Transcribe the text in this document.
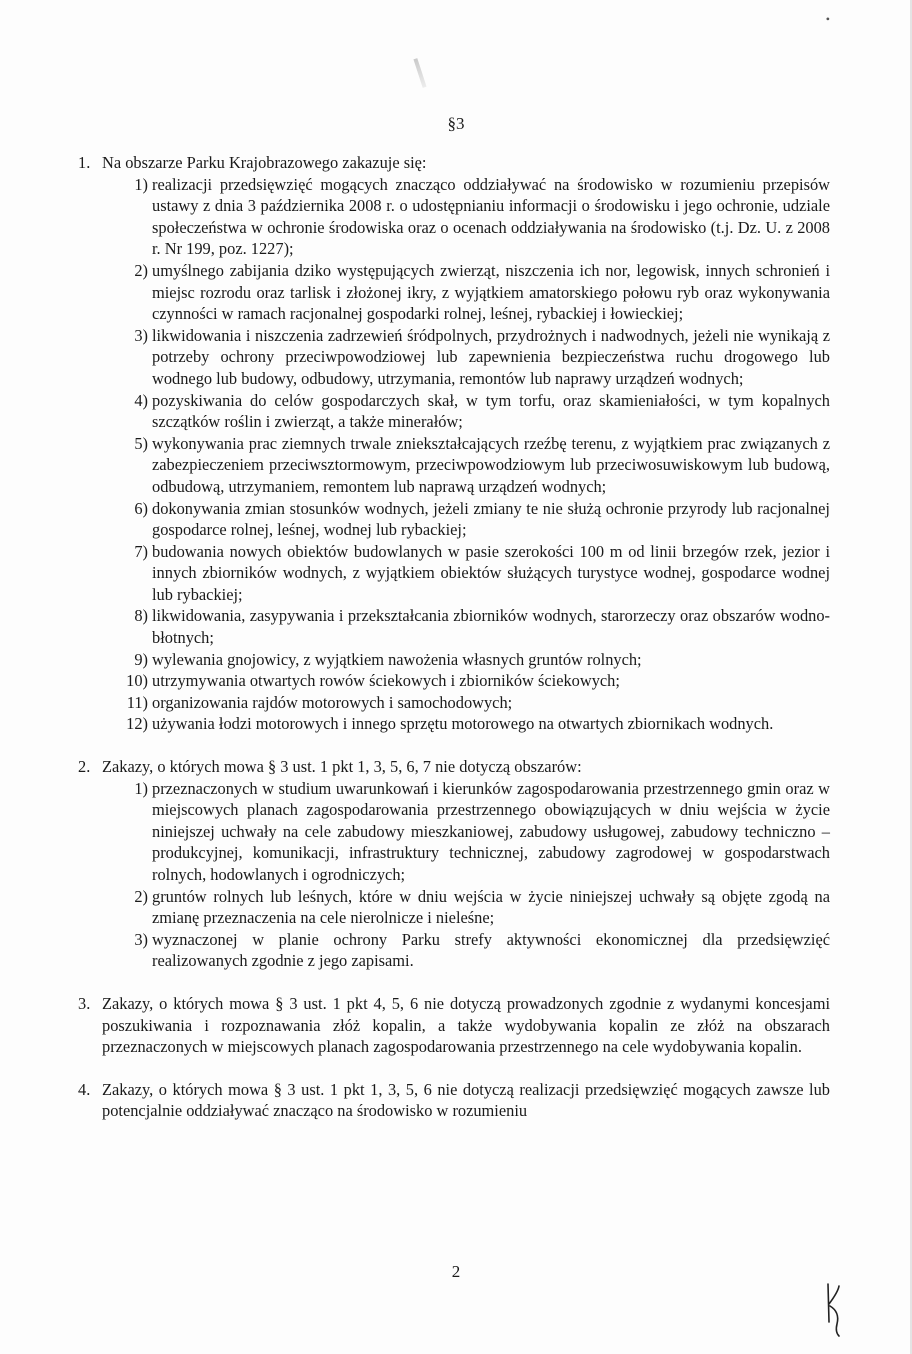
•
§3
1. Na obszarze Parku Krajobrazowego zakazuje się:

1) realizacji przedsięwzięć mogących znacząco oddziaływać na środowisko w rozumieniu przepisów ustawy z dnia 3 października 2008 r. o udostępnianiu informacji o środowisku i jego ochronie, udziale społeczeństwa w ochronie środowiska oraz o ocenach oddziaływania na środowisko (t.j. Dz. U. z 2008 r. Nr 199, poz. 1227);
2) umyślnego zabijania dziko występujących zwierząt, niszczenia ich nor, legowisk, innych schronień i miejsc rozrodu oraz tarlisk i złożonej ikry, z wyjątkiem amatorskiego połowu ryb oraz wykonywania czynności w ramach racjonalnej gospodarki rolnej, leśnej, rybackiej i łowieckiej;
3) likwidowania i niszczenia zadrzewień śródpolnych, przydrożnych i nadwodnych, jeżeli nie wynikają z potrzeby ochrony przeciwpowodziowej lub zapewnienia bezpieczeństwa ruchu drogowego lub wodnego lub budowy, odbudowy, utrzymania, remontów lub naprawy urządzeń wodnych;
4) pozyskiwania do celów gospodarczych skał, w tym torfu, oraz skamieniałości, w tym kopalnych szczątków roślin i zwierząt, a także minerałów;
5) wykonywania prac ziemnych trwale zniekształcających rzeźbę terenu, z wyjątkiem prac związanych z zabezpieczeniem przeciwsztormowym, przeciwpowodziowym lub przeciwosuwiskowym lub budową, odbudową, utrzymaniem, remontem lub naprawą urządzeń wodnych;
6) dokonywania zmian stosunków wodnych, jeżeli zmiany te nie służą ochronie przyrody lub racjonalnej gospodarce rolnej, leśnej, wodnej lub rybackiej;
7) budowania nowych obiektów budowlanych w pasie szerokości 100 m od linii brzegów rzek, jezior i innych zbiorników wodnych, z wyjątkiem obiektów służących turystyce wodnej, gospodarce wodnej lub rybackiej;
8) likwidowania, zasypywania i przekształcania zbiorników wodnych, starorzeczy oraz obszarów wodno-błotnych;
9) wylewania gnojowicy, z wyjątkiem nawożenia własnych gruntów rolnych;
10) utrzymywania otwartych rowów ściekowych i zbiorników ściekowych;
11) organizowania rajdów motorowych i samochodowych;
12) używania łodzi motorowych i innego sprzętu motorowego na otwartych zbiornikach wodnych.
2. Zakazy, o których mowa § 3 ust. 1 pkt 1, 3, 5, 6, 7 nie dotyczą obszarów:

1) przeznaczonych w studium uwarunkowań i kierunków zagospodarowania przestrzennego gmin oraz w miejscowych planach zagospodarowania przestrzennego obowiązujących w dniu wejścia w życie niniejszej uchwały na cele zabudowy mieszkaniowej, zabudowy usługowej, zabudowy techniczno – produkcyjnej, komunikacji, infrastruktury technicznej, zabudowy zagrodowej w gospodarstwach rolnych, hodowlanych i ogrodniczych;
2) gruntów rolnych lub leśnych, które w dniu wejścia w życie niniejszej uchwały są objęte zgodą na zmianę przeznaczenia na cele nierolnicze i nieleśne;
3) wyznaczonej w planie ochrony Parku strefy aktywności ekonomicznej dla przedsięwzięć realizowanych zgodnie z jego zapisami.
3. Zakazy, o których mowa § 3 ust. 1 pkt 4, 5, 6 nie dotyczą prowadzonych zgodnie z wydanymi koncesjami poszukiwania i rozpoznawania złóż kopalin, a także wydobywania kopalin ze złóż na obszarach przeznaczonych w miejscowych planach zagospodarowania przestrzennego na cele wydobywania kopalin.

4. Zakazy, o których mowa § 3 ust. 1 pkt 1, 3, 5, 6 nie dotyczą realizacji przedsięwzięć mogących zawsze lub potencjalnie oddziaływać znacząco na środowisko w rozumieniu

2
